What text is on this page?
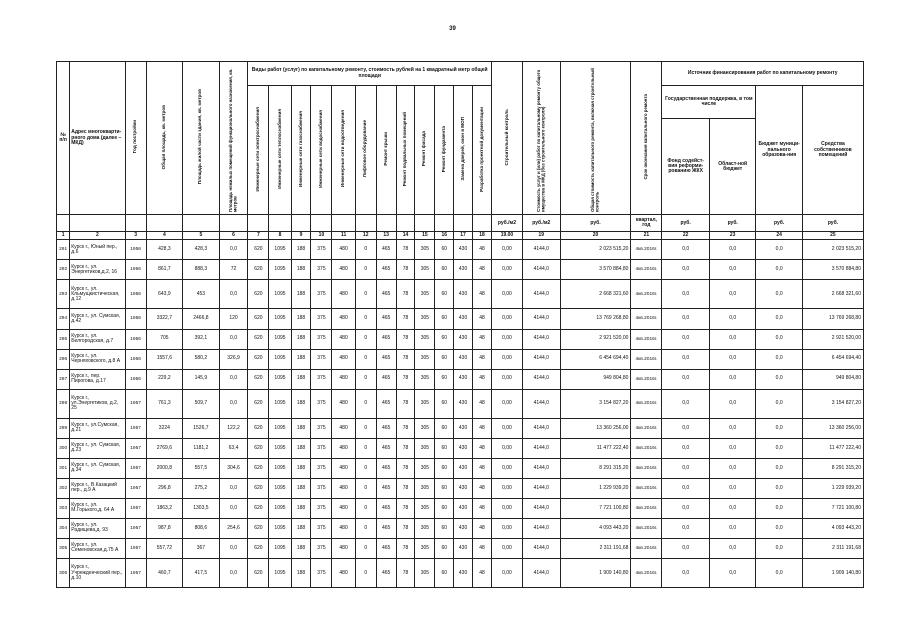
39
№ п/п	Адрес многокварти-рного дома (далее – МКД)	Год постройки	Общая площадь, кв. метров	Площадь жилой части здания, кв. метров	Площадь нежилых помещений функционального назначения, кв. метров	Виды работ (услуг) по капитальному ремонту, стоимость рублей на 1 квадратный метр общей площади												Строительный контроль	Стоимость услуг и (или) работ по капитальному ремонту общего имущества в МКД (без строительного контроля)	Общая стоимость капитального ремонта, включая строительный контроль	Срок окончания капитального ремонта	Источник финансирования работ по капитальному ремонту			
						Инженерные сети электроснабжения	Инженерные сети теплоснабжения	Инженерные сети газоснабжения	Инженерные сети водоснабжения	Инженерные сети водоотведения	Лифтовое оборудование	Ремонт крыши	Ремонт подвальных помещений	Ремонт фасада	Ремонт фундамента	Замена дверей, окон в МОП	Разработка проектной документации					Государственная поддержка, в том числе		Бюджет муници-пального образова-ния	Средства собственников помещений
																						Фонд содейст-вия реформи-рованию ЖКХ	Област-ной бюджет		
																		руб./м2	руб./м2	руб.	квартал, год	руб.	руб.	руб.	руб.
1	2	3	4	5	6	7	8	9	10	11	12	13	14	15	16	17	18	19.00	19	20	21	22	23	24	25
291	Курск г., Юный пер., д.6	1956	428,3	428,3	0,0	620	1095	188	375	480	0	465	78	305	60	430	48	0,00	4144,0	2 023 515,20	4кв.2016г.	0,0	0,0	0,0	2 023 515,20
292	Курск г., ул. Энергетиков,д.2, 16	1956	861,7	888,3	72	620	1095	188	375	480	0	465	78	305	60	430	48	0,00	4144,0	3 570 884,80	4кв.2016г.	0,0	0,0	0,0	3 570 884,80
293	Курск г., ул. Кльмущкистическая, д.12	1956	643,9	453	0,0	620	1095	188	375	480	0	465	78	305	60	430	48	0,00	4144,0	2 668 321,60	4кв.2016г.	0,0	0,0	0,0	2 668 321,60
294	Курск г., ул. Сумская, д.42	1956	3322,7	2466,8	120	620	1095	188	375	480	0	465	78	305	60	430	48	0,00	4144,0	13 769 268,80	4кв.2016г.	0,0	0,0	0,0	13 769 268,80
295	Курск г., ул. Белгородская, д.7	1956	705	392,1	0,0	620	1095	188	375	480	0	465	78	305	60	430	48	0,00	4144,0	2 921 520,00	4кв.2016г.	0,0	0,0	0,0	2 921 520,00
296	Курск г., ул. Черняховского, д.8 А	1956	1557,6	580,2	326,9	620	1095	188	375	480	0	465	78	305	60	430	48	0,00	4144,0	6 454 694,40	4кв.2016г.	0,0	0,0	0,0	6 454 694,40
297	Курск г., пер. Пирогова, д.17	1956	229,2	145,9	0,0	620	1095	188	375	480	0	465	78	305	60	430	48	0,00	4144,0	949 804,80	4кв.2016г.	0,0	0,0	0,0	949 804,80
298	Курск г., ул.Энергетиков, д.2, 25	1957	761,3	509,7	0,0	620	1095	188	375	480	0	465	78	305	60	430	48	0,00	4144,0	3 154 827,20	4кв.2016г.	0,0	0,0	0,0	3 154 827,20
299	Курск г., ул.Сумская, д.21	1957	3224	1526,7	122,2	620	1095	188	375	480	0	465	78	305	60	430	48	0,00	4144,0	13 360 256,00	4кв.2016г.	0,0	0,0	0,0	13 360 256,00
300	Курск г., ул. Сумская, д.23	1957	2769,6	1181,2	63,4	620	1095	188	375	480	0	465	78	305	60	430	48	0,00	4144,0	11 477 222,40	4кв.2016г.	0,0	0,0	0,0	11 477 222,40
301	Курск г., ул. Сумская, д.34	1957	2000,8	557,5	304,6	620	1095	188	375	480	0	465	78	305	60	430	48	0,00	4144,0	8 291 315,20	4кв.2016г.	0,0	0,0	0,0	8 291 315,20
302	Курск г., В.Казацкий пер., д.9 А	1957	296,8	275,2	0,0	620	1095	188	375	480	0	465	78	305	60	430	48	0,00	4144,0	1 229 939,20	4кв.2016г.	0,0	0,0	0,0	1 229 939,20
303	Курск г., ул. М.Горького,д. 64 А	1957	1863,2	1303,5	0,0	620	1095	188	375	480	0	465	78	305	60	430	48	0,00	4144,0	7 721 100,80	4кв.2016г.	0,0	0,0	0,0	7 721 100,80
304	Курск г., ул. Радищева,д. 93	1957	987,8	808,6	254,6	620	1095	188	375	480	0	465	78	305	60	430	48	0,00	4144,0	4 093 443,20	4кв.2016г.	0,0	0,0	0,0	4 093 443,20
305	Курск г., ул. Семеновская,д.75 А	1957	557,72	367	0,0	620	1095	188	375	480	0	465	78	305	60	430	48	0,00	4144,0	2 311 191,68	4кв.2016г.	0,0	0,0	0,0	2 311 191,68
306	Курск г., Учрежденческий пер., д.10	1957	460,7	417,5	0,0	620	1095	188	375	480	0	465	78	305	60	430	48	0,00	4144,0	1 909 140,80	4кв.2016г.	0,0	0,0	0,0	1 909 140,80
